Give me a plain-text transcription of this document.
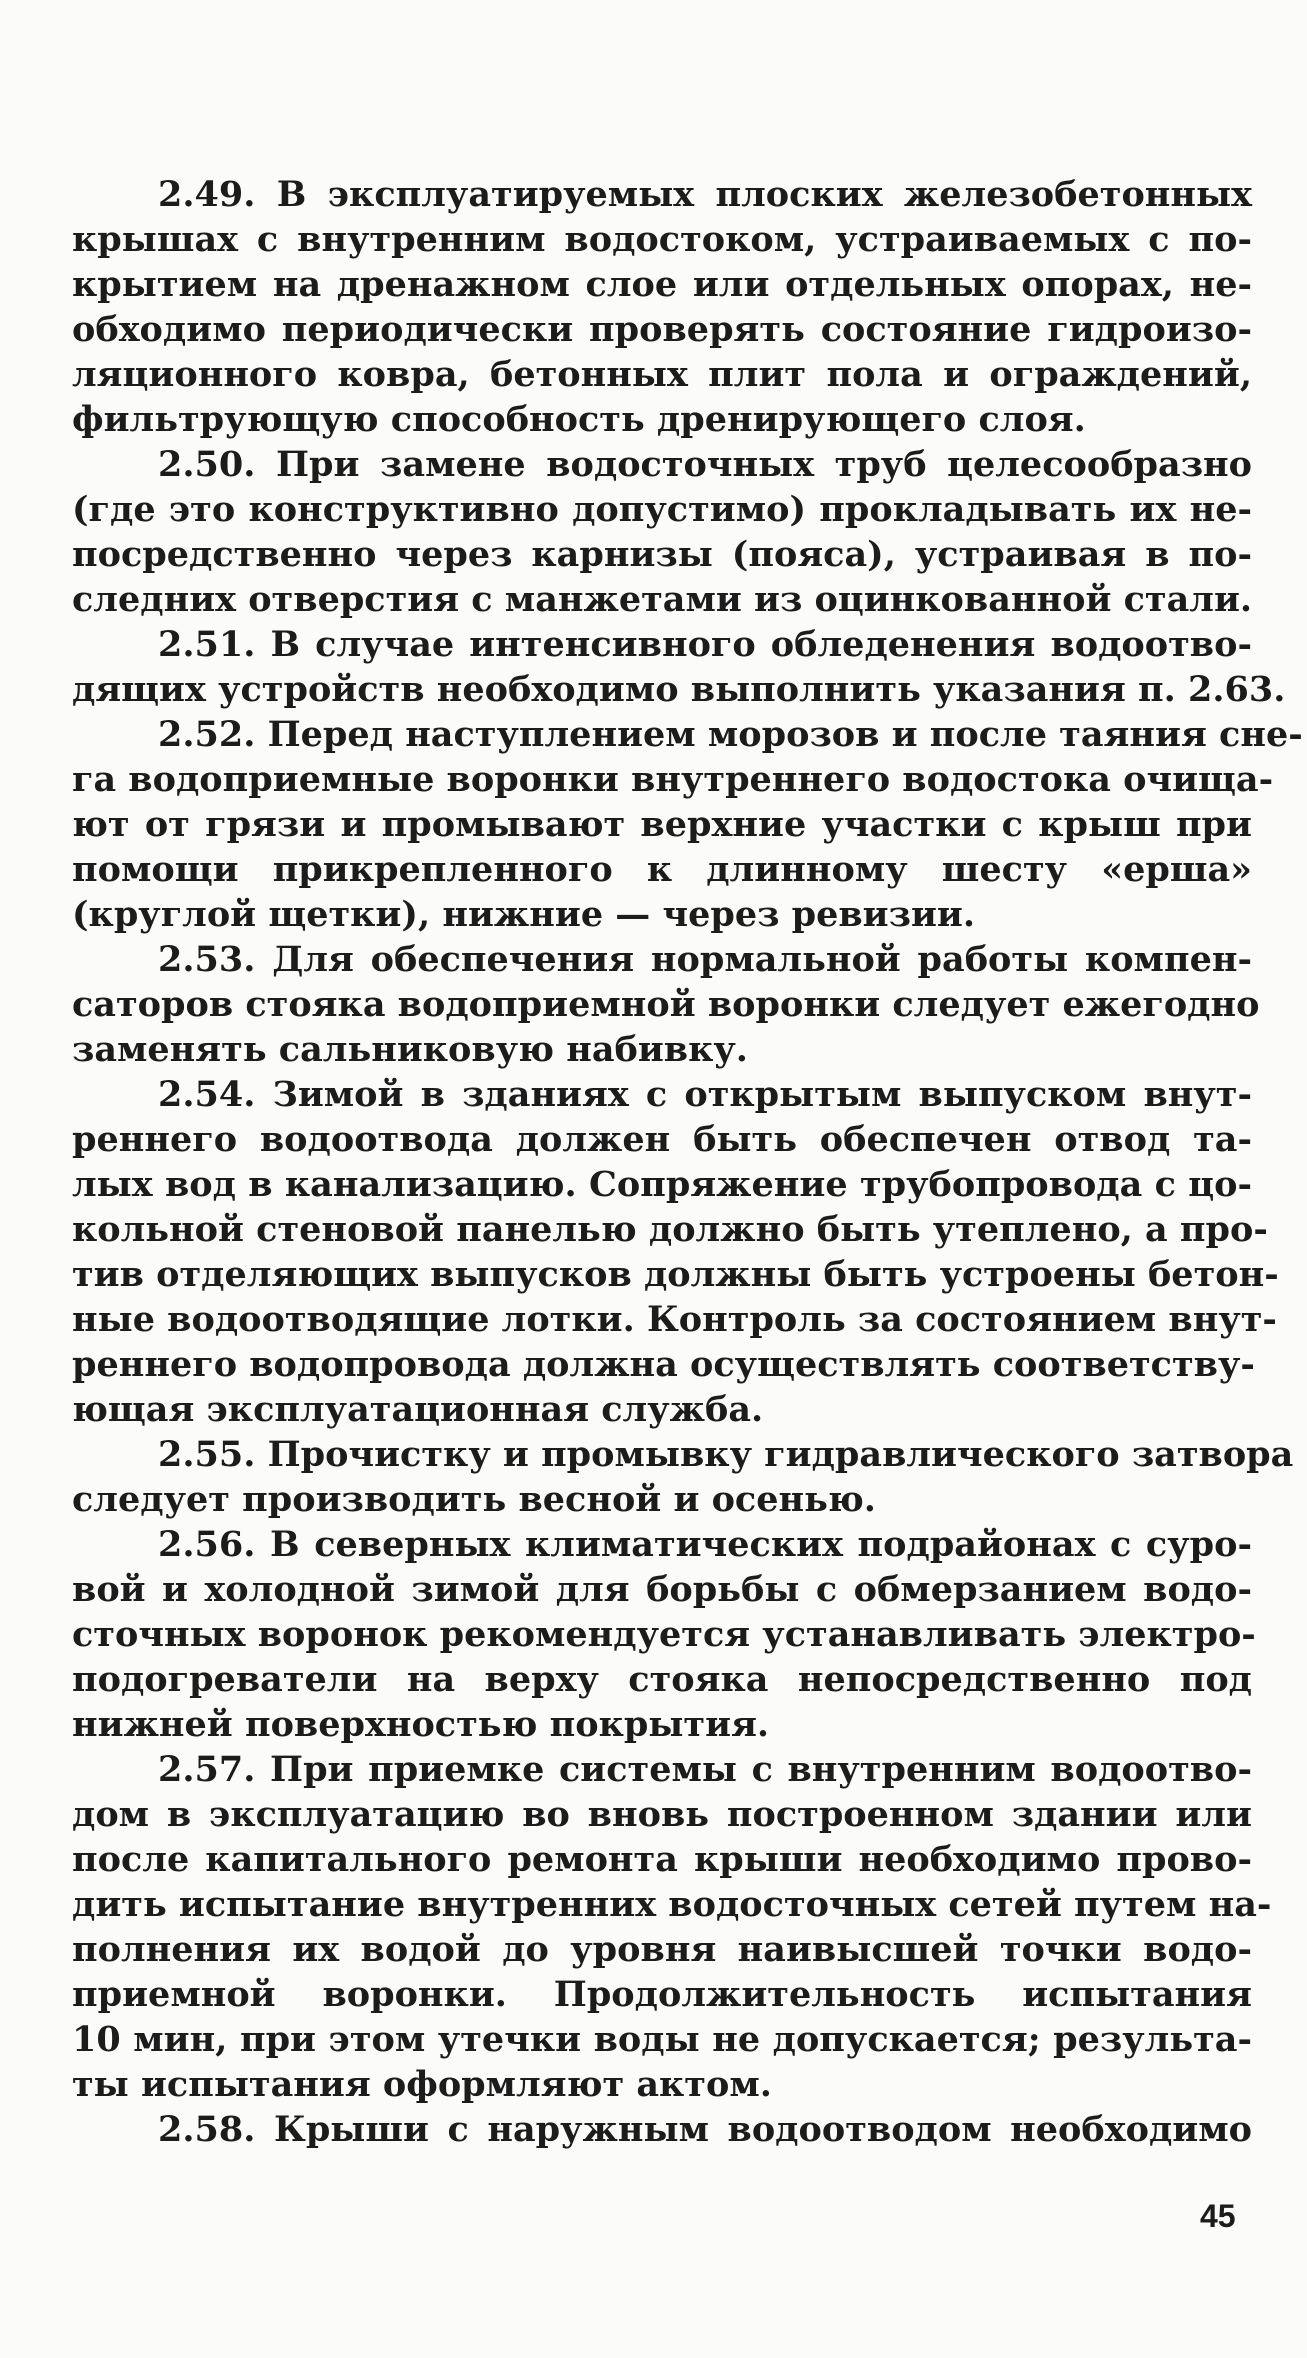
2.49. В эксплуатируемых плоских железобетонных
крышах с внутренним водостоком, устраиваемых с по-
крытием на дренажном слое или отдельных опорах, не-
обходимо периодически проверять состояние гидроизо-
ляционного ковра, бетонных плит пола и ограждений,
фильтрующую способность дренирующего слоя.
2.50. При замене водосточных труб целесообразно
(где это конструктивно допустимо) прокладывать их не-
посредственно через карнизы (пояса), устраивая в по-
следних отверстия с манжетами из оцинкованной стали.
2.51. В случае интенсивного обледенения водоотво-
дящих устройств необходимо выполнить указания п. 2.63.
2.52. Перед наступлением морозов и после таяния сне-
га водоприемные воронки внутреннего водостока очища-
ют от грязи и промывают верхние участки с крыш при
помощи прикрепленного к длинному шесту «ерша»
(круглой щетки), нижние — через ревизии.
2.53. Для обеспечения нормальной работы компен-
саторов стояка водоприемной воронки следует ежегодно
заменять сальниковую набивку.
2.54. Зимой в зданиях с открытым выпуском внут-
реннего водоотвода должен быть обеспечен отвод та-
лых вод в канализацию. Сопряжение трубопровода с цо-
кольной стеновой панелью должно быть утеплено, а про-
тив отделяющих выпусков должны быть устроены бетон-
ные водоотводящие лотки. Контроль за состоянием внут-
реннего водопровода должна осуществлять соответству-
ющая эксплуатационная служба.
2.55. Прочистку и промывку гидравлического затвора
следует производить весной и осенью.
2.56. В северных климатических подрайонах с суро-
вой и холодной зимой для борьбы с обмерзанием водо-
сточных воронок рекомендуется устанавливать электро-
подогреватели на верху стояка непосредственно под
нижней поверхностью покрытия.
2.57. При приемке системы с внутренним водоотво-
дом в эксплуатацию во вновь построенном здании или
после капитального ремонта крыши необходимо прово-
дить испытание внутренних водосточных сетей путем на-
полнения их водой до уровня наивысшей точки водо-
приемной воронки. Продолжительность испытания
10 мин, при этом утечки воды не допускается; результа-
ты испытания оформляют актом.
2.58. Крыши с наружным водоотводом необходимо
45
